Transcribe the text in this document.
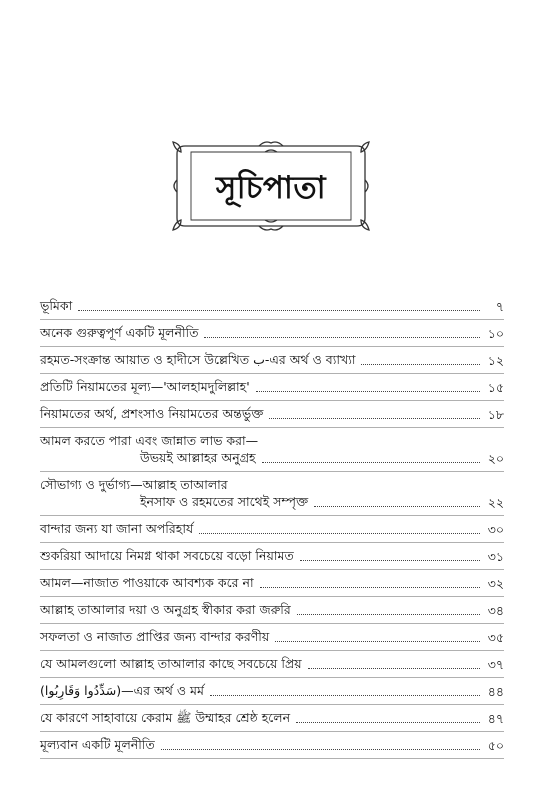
সূচিপাতা
ভূমিকা	৭
অনেক গুরুত্বপূর্ণ একটি মূলনীতি	১০
রহমত-সংক্রান্ত আয়াত ও হাদীসে উল্লেখিত ب-এর অর্থ ও ব্যাখ্যা	১২
প্রতিটি নিয়ামতের মূল্য—'আলহামদুলিল্লাহ'	১৫
নিয়ামতের অর্থ, প্রশংসাও নিয়ামতের অন্তর্ভুক্ত	১৮
আমল করতে পারা এবং জান্নাত লাভ করা—
উভয়ই আল্লাহর অনুগ্রহ	২০
সৌভাগ্য ও দুর্ভাগ্য—আল্লাহ তাআলার
ইনসাফ ও রহমতের সাথেই সম্পৃক্ত	২২
বান্দার জন্য যা জানা অপরিহার্য	৩০
শুকরিয়া আদায়ে নিমগ্ন থাকা সবচেয়ে বড়ো নিয়ামত	৩১
আমল—নাজাত পাওয়াকে আবশ্যক করে না	৩২
আল্লাহ তাআলার দয়া ও অনুগ্রহ স্বীকার করা জরুরি	৩৪
সফলতা ও নাজাত প্রাপ্তির জন্য বান্দার করণীয়	৩৫
যে আমলগুলো আল্লাহ তাআলার কাছে সবচেয়ে প্রিয়	৩৭
(سَدِّدُوا وَقَارِبُوا)—এর অর্থ ও মর্ম	৪৪
যে কারণে সাহাবায়ে কেরাম ﷺ উম্মাহর শ্রেষ্ঠ হলেন	৪৭
মূল্যবান একটি মূলনীতি	৫০
